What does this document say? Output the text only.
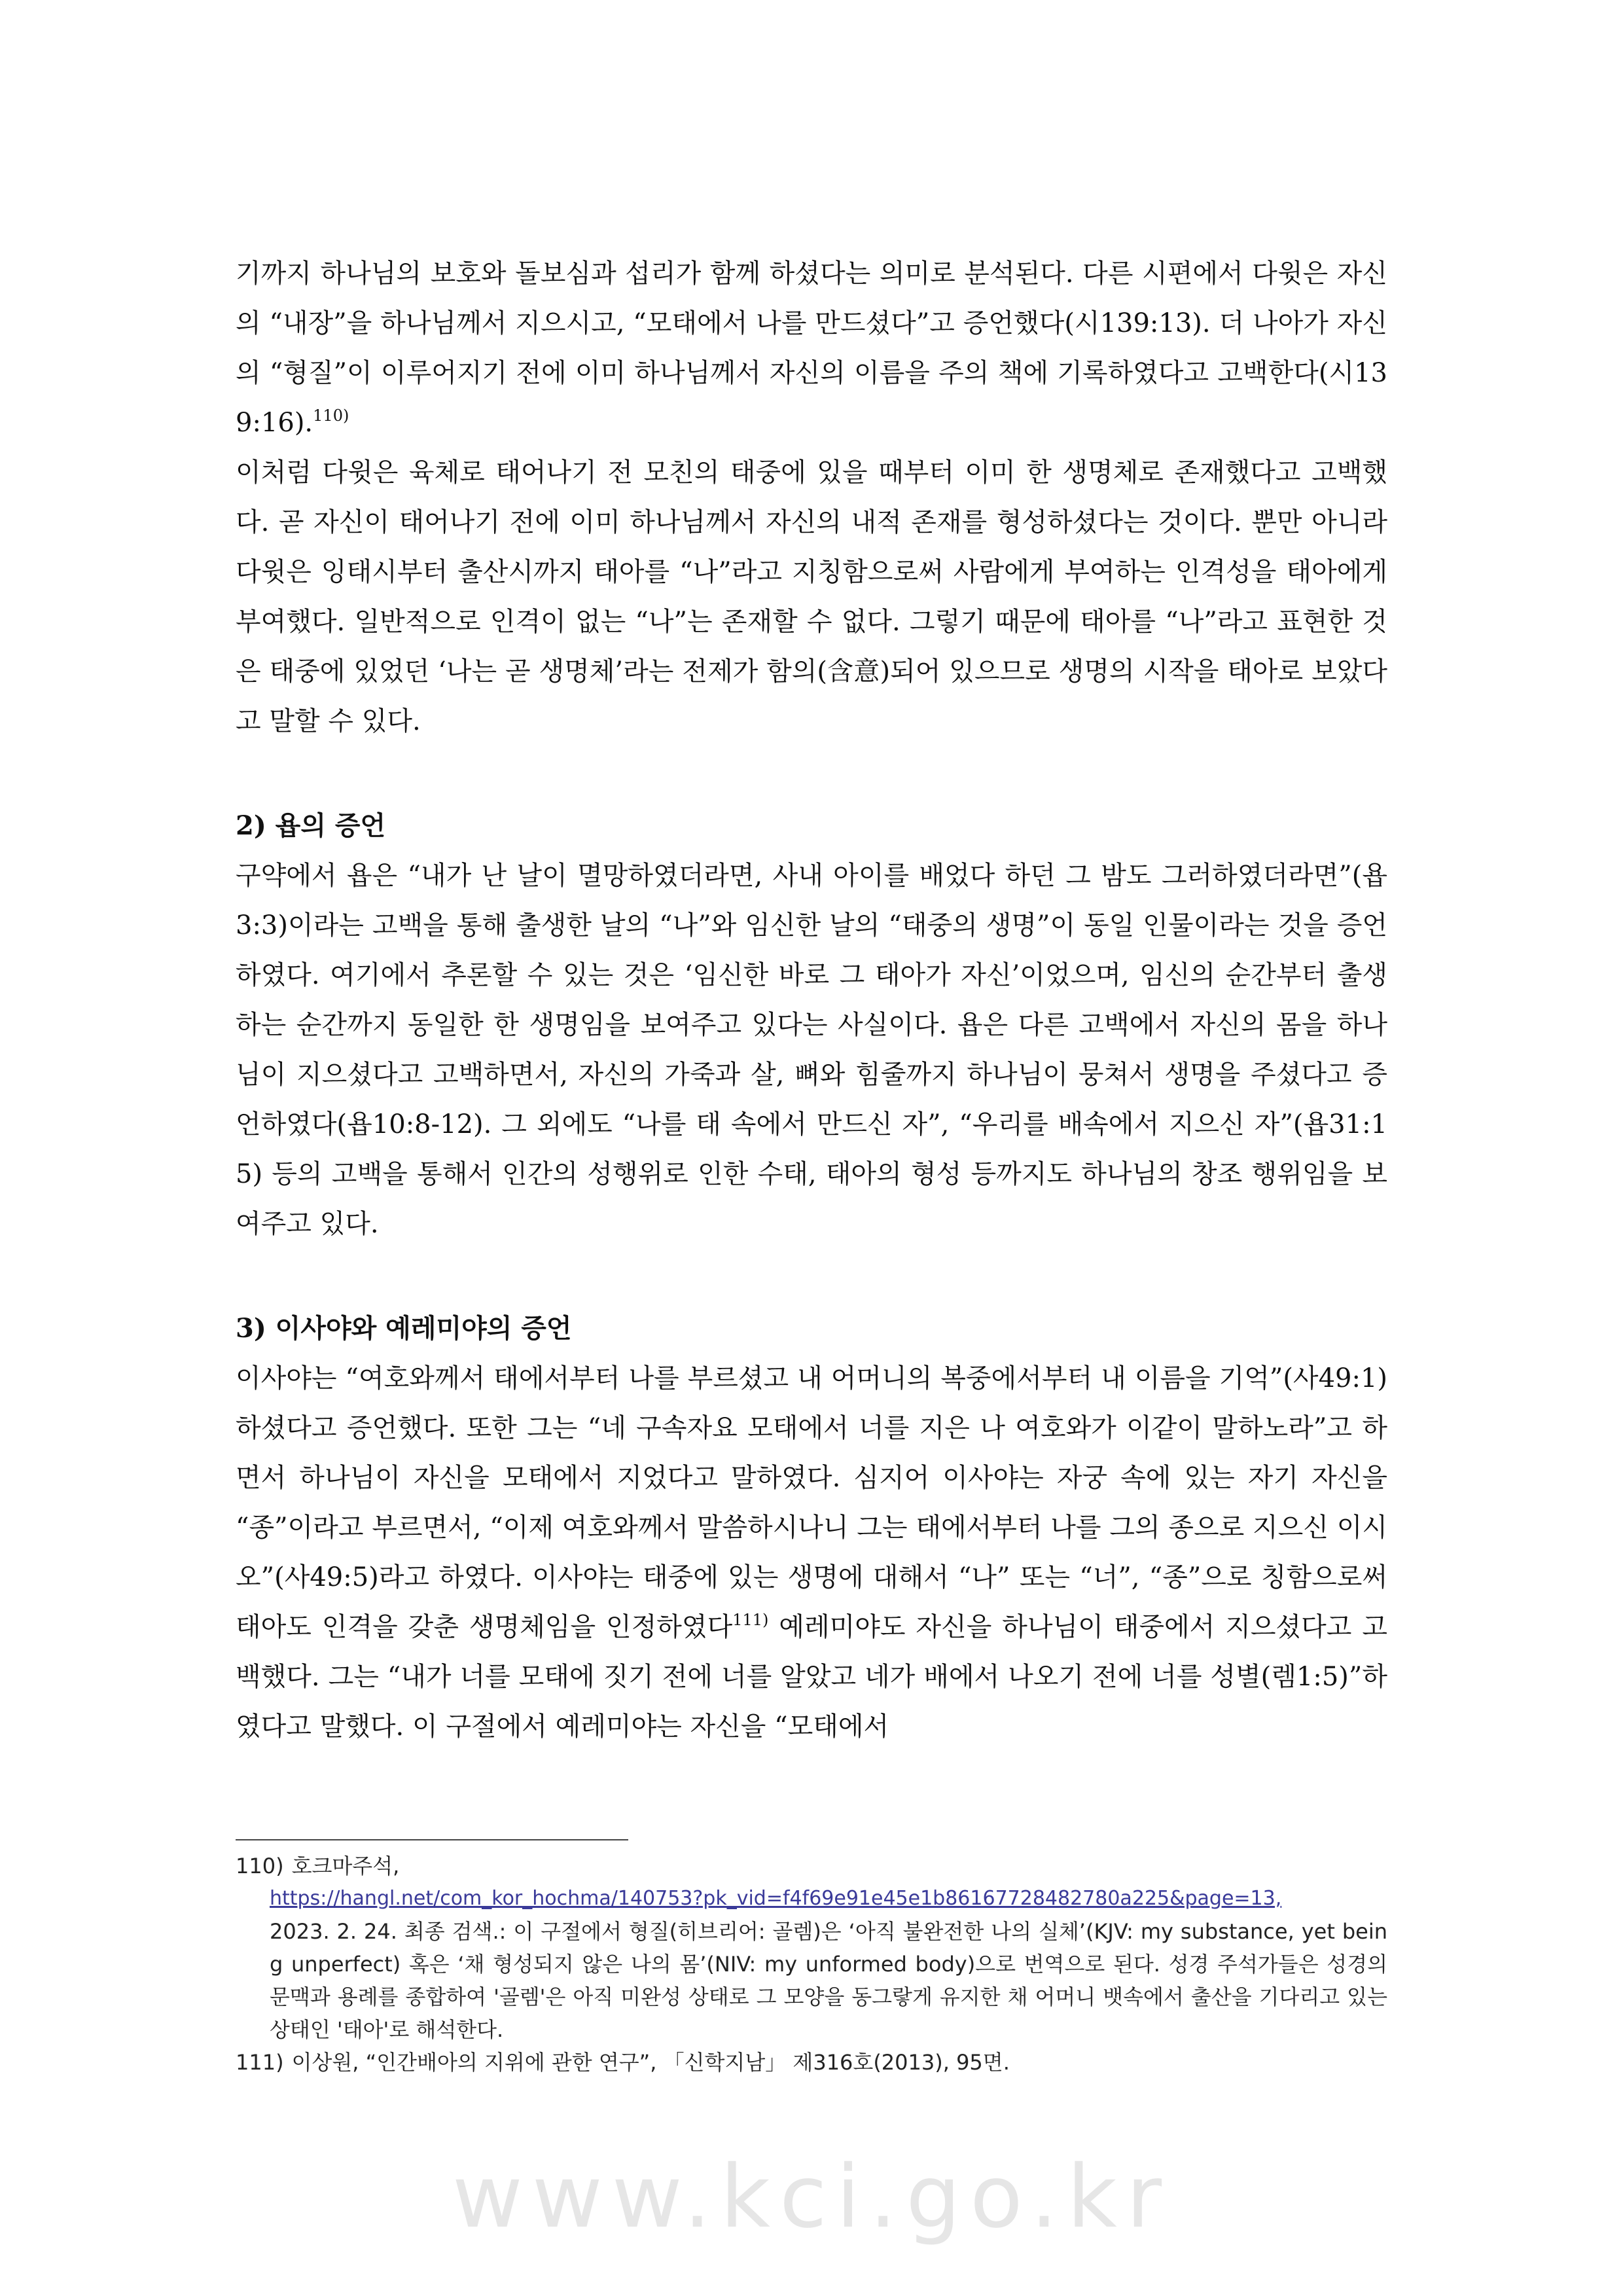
기까지 하나님의 보호와 돌보심과 섭리가 함께 하셨다는 의미로 분석된다. 다른 시편에서 다윗은 자신의 “내장”을 하나님께서 지으시고, “모태에서 나를 만드셨다”고 증언했다(시139:13). 더 나아가 자신의 “형질”이 이루어지기 전에 이미 하나님께서 자신의 이름을 주의 책에 기록하였다고 고백한다(시139:16).$^{110)}$

이처럼 다윗은 육체로 태어나기 전 모친의 태중에 있을 때부터 이미 한 생명체로 존재했다고 고백했다. 곧 자신이 태어나기 전에 이미 하나님께서 자신의 내적 존재를 형성하셨다는 것이다. 뿐만 아니라 다윗은 잉태시부터 출산시까지 태아를 “나”라고 지칭함으로써 사람에게 부여하는 인격성을 태아에게 부여했다. 일반적으로 인격이 없는 “나”는 존재할 수 없다. 그렇기 때문에 태아를 “나”라고 표현한 것은 태중에 있었던 ‘나는 곧 생명체’라는 전제가 함의(含意)되어 있으므로 생명의 시작을 태아로 보았다고 말할 수 있다.

2) 욥의 증언

구약에서 욥은 “내가 난 날이 멸망하였더라면, 사내 아이를 배었다 하던 그 밤도 그러하였더라면”(욥3:3)이라는 고백을 통해 출생한 날의 “나”와 임신한 날의 “태중의 생명”이 동일 인물이라는 것을 증언하였다. 여기에서 추론할 수 있는 것은 ‘임신한 바로 그 태아가 자신’이었으며, 임신의 순간부터 출생하는 순간까지 동일한 한 생명임을 보여주고 있다는 사실이다. 욥은 다른 고백에서 자신의 몸을 하나님이 지으셨다고 고백하면서, 자신의 가죽과 살, 뼈와 힘줄까지 하나님이 뭉쳐서 생명을 주셨다고 증언하였다(욥10:8-12). 그 외에도 “나를 태 속에서 만드신 자”, “우리를 배속에서 지으신 자”(욥31:15) 등의 고백을 통해서 인간의 성행위로 인한 수태, 태아의 형성 등까지도 하나님의 창조 행위임을 보여주고 있다.

3) 이사야와 예레미야의 증언

이사야는 “여호와께서 태에서부터 나를 부르셨고 내 어머니의 복중에서부터 내 이름을 기억”(사49:1)하셨다고 증언했다. 또한 그는 “네 구속자요 모태에서 너를 지은 나 여호와가 이같이 말하노라”고 하면서 하나님이 자신을 모태에서 지었다고 말하였다. 심지어 이사야는 자궁 속에 있는 자기 자신을 “종”이라고 부르면서, “이제 여호와께서 말씀하시나니 그는 태에서부터 나를 그의 종으로 지으신 이시오”(사49:5)라고 하였다. 이사야는 태중에 있는 생명에 대해서 “나” 또는 “너”, “종”으로 칭함으로써 태아도 인격을 갖춘 생명체임을 인정하였다$^{111)}$ 예레미야도 자신을 하나님이 태중에서 지으셨다고 고백했다. 그는 “내가 너를 모태에 짓기 전에 너를 알았고 네가 배에서 나오기 전에 너를 성별(렘1:5)”하였다고 말했다. 이 구절에서 예레미야는 자신을 “모태에서

110) 호크마주석,

https://hangl.net/com_kor_hochma/140753?pk_vid=f4f69e91e45e1b86167728482780a225&page=13,

2023. 2. 24. 최종 검색.: 이 구절에서 형질(히브리어: 골렘)은 ‘아직 불완전한 나의 실체’(KJV: my substance, yet being unperfect) 혹은 ‘채 형성되지 않은 나의 몸’(NIV: my unformed body)으로 번역으로 된다. 성경 주석가들은 성경의 문맥과 용례를 종합하여 '골렘'은 아직 미완성 상태로 그 모양을 동그랗게 유지한 채 어머니 뱃속에서 출산을 기다리고 있는 상태인 '태아'로 해석한다.

111) 이상원, “인간배아의 지위에 관한 연구”, 「신학지남」 제316호(2013), 95면.

www.kci.go.kr
